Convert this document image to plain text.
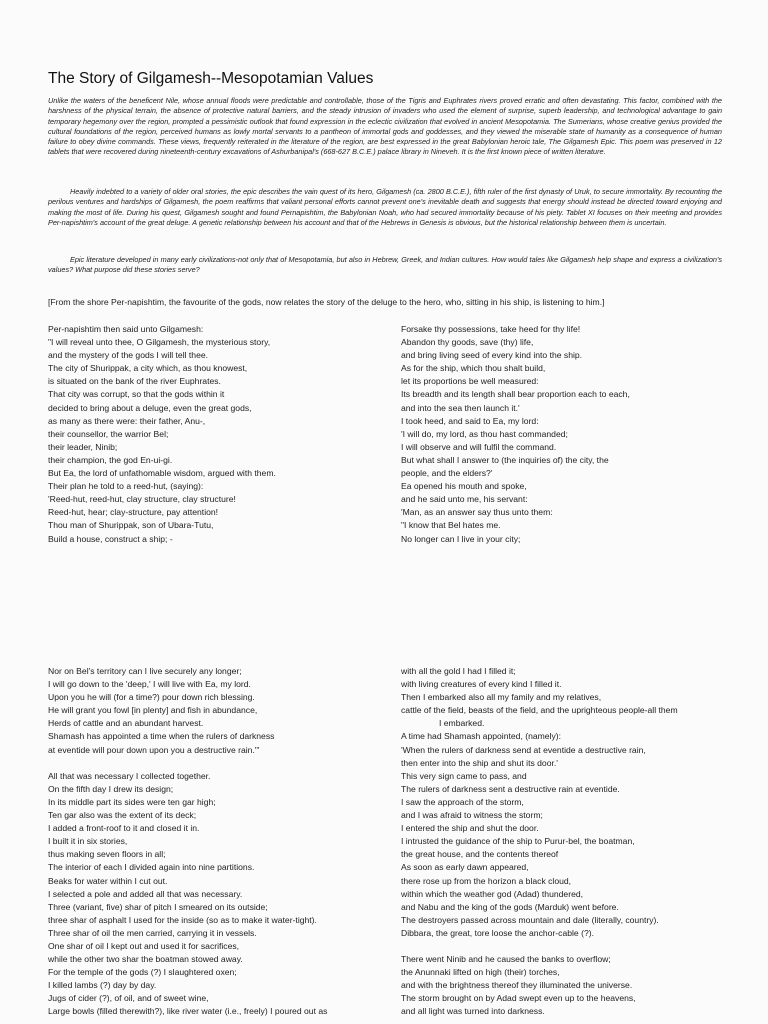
The Story of Gilgamesh--Mesopotamian Values

Unlike the waters of the beneficent Nile, whose annual floods were predictable and controllable, those of the Tigris and Euphrates rivers proved erratic and often devastating. This factor, combined with the harshness of the physical terrain, the absence of protective natural barriers, and the steady intrusion of invaders who used the element of surprise, superb leadership, and technological advantage to gain temporary hegemony over the region, prompted a pessimistic outlook that found expression in the eclectic civilization that evolved in ancient Mesopotamia. The Sumerians, whose creative genius provided the cultural foundations of the region, perceived humans as lowly mortal servants to a pantheon of immortal gods and goddesses, and they viewed the miserable state of humanity as a consequence of human failure to obey divine commands. These views, frequently reiterated in the literature of the region, are best expressed in the great Babylonian heroic tale, The Gilgamesh Epic. This poem was preserved in 12 tablets that were recovered during nineteenth-century excavations of Ashurbanipal's (668-627 B.C.E.) palace library in Nineveh. It is the first known piece of written literature.

Heavily indebted to a variety of older oral stories, the epic describes the vain quest of its hero, Gilgamesh (ca. 2800 B.C.E.), fifth ruler of the first dynasty of Uruk, to secure immortality. By recounting the perilous ventures and hardships of Gilgamesh, the poem reaffirms that valiant personal efforts cannot prevent one's inevitable death and suggests that energy should instead be directed toward enjoying and making the most of life. During his quest, Gilgamesh sought and found Pernapishtim, the Babylonian Noah, who had secured immortality because of his piety. Tablet XI focuses on their meeting and provides Per-napishtim's account of the great deluge. A genetic relationship between his account and that of the Hebrews in Genesis is obvious, but the historical relationship between them is uncertain.

Epic literature developed in many early civilizations-not only that of Mesopotamia, but also in Hebrew, Greek, and Indian cultures. How would tales like Gilgamesh help shape and express a civilization's values? What purpose did these stories serve?

[From the shore Per-napishtim, the favourite of the gods, now relates the story of the deluge to the hero, who, sitting in his ship, is listening to him.]

Per-napishtim then said unto Gilgamesh:
"I will reveal unto thee, O Gilgamesh, the mysterious story,
and the mystery of the gods I will tell thee.
The city of Shurippak, a city which, as thou knowest,
is situated on the bank of the river Euphrates.
That city was corrupt, so that the gods within it
decided to bring about a deluge, even the great gods,
as many as there were: their father, Anu-,
their counsellor, the warrior Bel;
their leader, Ninib;
their champion, the god En-ui-gi.
But Ea, the lord of unfathomable wisdom, argued with them.
Their plan he told to a reed-hut, (saying):
'Reed-hut, reed-hut, clay structure, clay structure!
Reed-hut, hear; clay-structure, pay attention!
Thou man of Shurippak, son of Ubara-Tutu,
Build a house, construct a ship; -
Forsake thy possessions, take heed for thy life!
Abandon thy goods, save (thy) life,
and bring living seed of every kind into the ship.
As for the ship, which thou shalt build,
let its proportions be well measured:
Its breadth and its length shall bear proportion each to each,
and into the sea then launch it.'
I took heed, and said to Ea, my lord:
'I will do, my lord, as thou hast commanded;
I will observe and will fulfil the command.
But what shall I answer to (the inquiries of) the city, the
people, and the elders?'
Ea opened his mouth and spoke,
and he said unto me, his servant:
'Man, as an answer say thus unto them:
"I know that Bel hates me.
No longer can I live in your city;
Nor on Bel's territory can I live securely any longer;
I will go down to the 'deep,' I will live with Ea, my lord.
Upon you he will (for a time?) pour down rich blessing.
He will grant you fowl [in plenty] and fish in abundance,
Herds of cattle and an abundant harvest.
Shamash has appointed a time when the rulers of darkness
at eventide will pour down upon you a destructive rain."'
All that was necessary I collected together.
On the fifth day I drew its design;
In its middle part its sides were ten gar high;
Ten gar also was the extent of its deck;
I added a front-roof to it and closed it in.
I built it in six stories,
thus making seven floors in all;
The interior of each I divided again into nine partitions.
Beaks for water within I cut out.
I selected a pole and added all that was necessary.
Three (variant, five) shar of pitch I smeared on its outside;
three shar of asphalt I used for the inside (so as to make it water-tight).
Three shar of oil the men carried, carrying it in vessels.
One shar of oil I kept out and used it for sacrifices,
while the other two shar the boatman stowed away.
For the temple of the gods (?) I slaughtered oxen;
I killed lambs (?) day by day.
Jugs of cider (?), of oil, and of sweet wine,
Large bowls (filled therewith?), like river water (i.e., freely) I poured out as
with all the gold I had I filled it;
with living creatures of every kind I filled it.
Then I embarked also all my family and my relatives,
cattle of the field, beasts of the field, and the uprighteous people-all them
I embarked.
A time had Shamash appointed, (namely):
'When the rulers of darkness send at eventide a destructive rain,
then enter into the ship and shut its door.'
This very sign came to pass, and
The rulers of darkness sent a destructive rain at eventide.
I saw the approach of the storm,
and I was afraid to witness the storm;
I entered the ship and shut the door.
I intrusted the guidance of the ship to Purur-bel, the boatman,
the great house, and the contents thereof
As soon as early dawn appeared,
there rose up from the horizon a black cloud,
within which the weather god (Adad) thundered,
and Nabu and the king of the gods (Marduk) went before.
The destroyers passed across mountain and dale (literally, country).
Dibbara, the great, tore loose the anchor-cable (?).
There went Ninib and he caused the banks to overflow;
the Anunnaki lifted on high (their) torches,
and with the brightness thereof they illuminated the universe.
The storm brought on by Adad swept even up to the heavens,
and all light was turned into darkness.
